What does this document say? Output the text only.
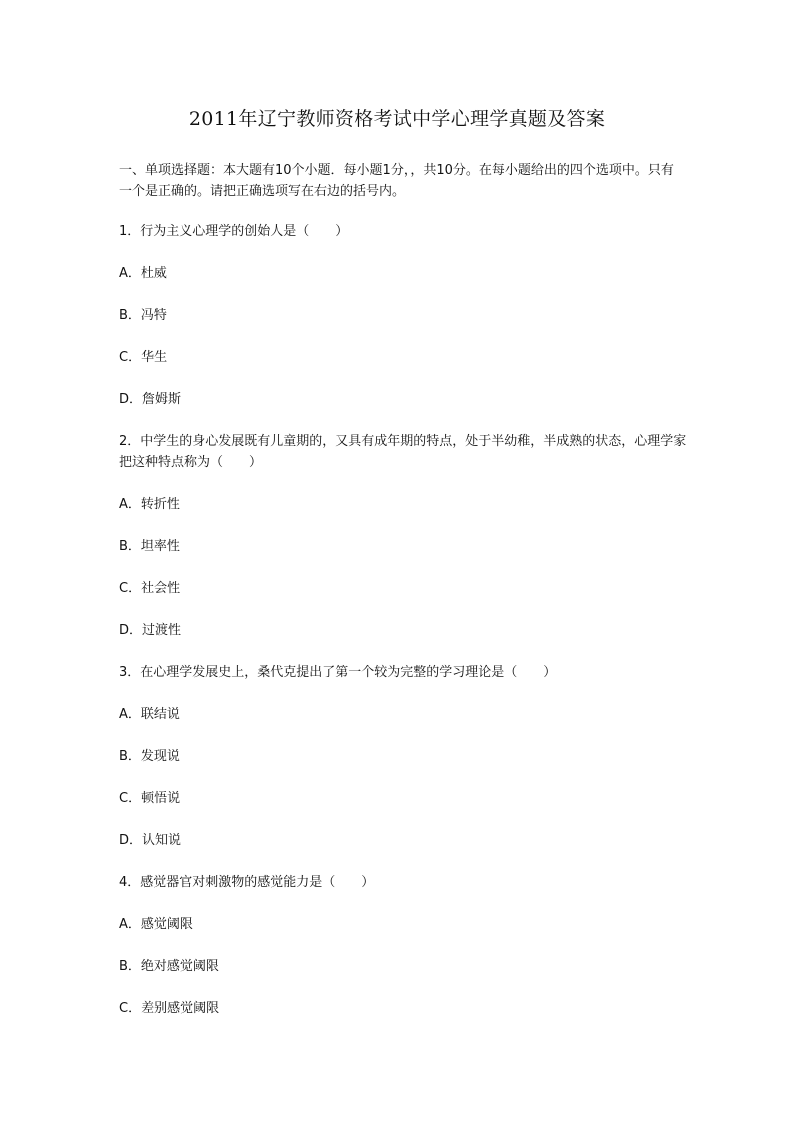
2011年辽宁教师资格考试中学心理学真题及答案
一、单项选择题：本大题有10个小题．每小题1分，，共10分。在每小题给出的四个选项中。只有一个是正确的。请把正确选项写在右边的括号内。
1．行为主义心理学的创始人是（　　）
A．杜威
B．冯特
C．华生
D．詹姆斯
2．中学生的身心发展既有儿童期的，又具有成年期的特点，处于半幼稚，半成熟的状态，心理学家把这种特点称为（　　）
A．转折性
B．坦率性
C．社会性
D．过渡性
3．在心理学发展史上，桑代克提出了第一个较为完整的学习理论是（　　）
A．联结说
B．发现说
C．顿悟说
D．认知说
4．感觉器官对刺激物的感觉能力是（　　）
A．感觉阈限
B．绝对感觉阈限
C．差别感觉阈限
